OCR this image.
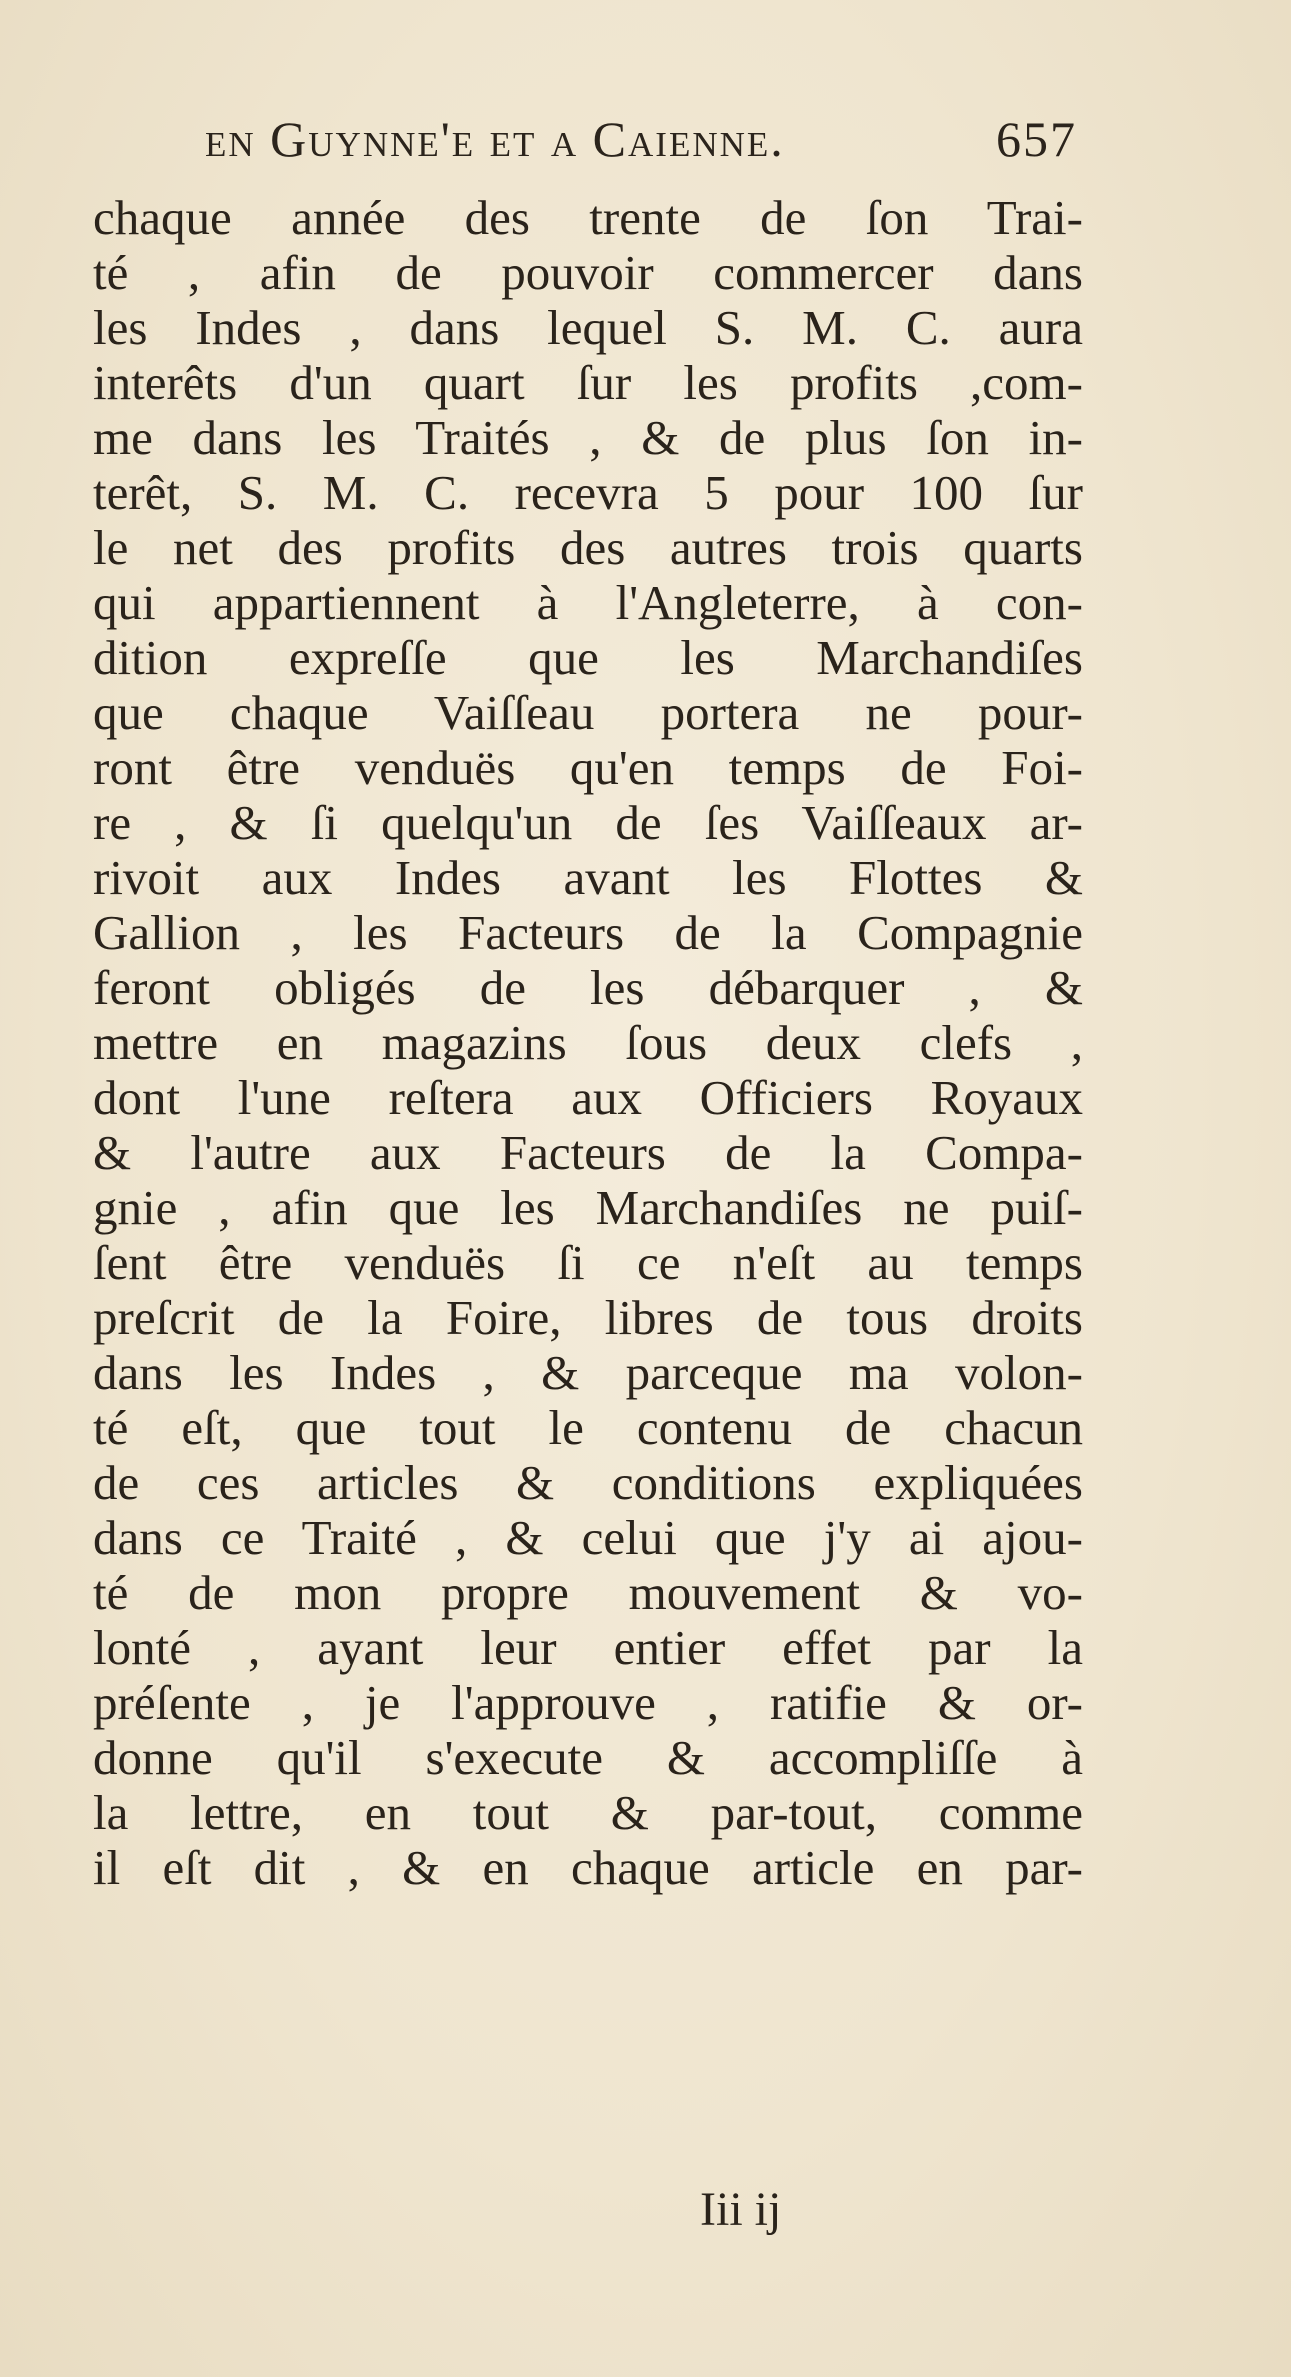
en Guynne'e et a Caienne.	657
chaque année des trente de ſon Trai-
té , afin de pouvoir commercer dans
les Indes , dans lequel S. M. C. aura
interêts d'un quart ſur les profits ,com-
me dans les Traités , & de plus ſon in-
terêt, S. M. C. recevra 5 pour 100 ſur
le net des profits des autres trois quarts
qui appartiennent à l'Angleterre, à con-
dition expreſſe que les Marchandiſes
que chaque Vaiſſeau portera ne pour-
ront être venduës qu'en temps de Foi-
re , & ſi quelqu'un de ſes Vaiſſeaux ar-
rivoit aux Indes avant les Flottes &
Gallion , les Facteurs de la Compagnie
feront obligés de les débarquer , &
mettre en magazins ſous deux clefs ,
dont l'une reſtera aux Officiers Royaux
& l'autre aux Facteurs de la Compa-
gnie , afin que les Marchandiſes ne puiſ-
ſent être venduës ſi ce n'eſt au temps
preſcrit de la Foire, libres de tous droits
dans les Indes , & parceque ma volon-
té eſt, que tout le contenu de chacun
de ces articles & conditions expliquées
dans ce Traité , & celui que j'y ai ajou-
té de mon propre mouvement & vo-
lonté , ayant leur entier effet par la
préſente , je l'approuve , ratifie & or-
donne qu'il s'execute & accompliſſe à
la lettre, en tout & par-tout, comme
il eſt dit , & en chaque article en par-
Iii ij
